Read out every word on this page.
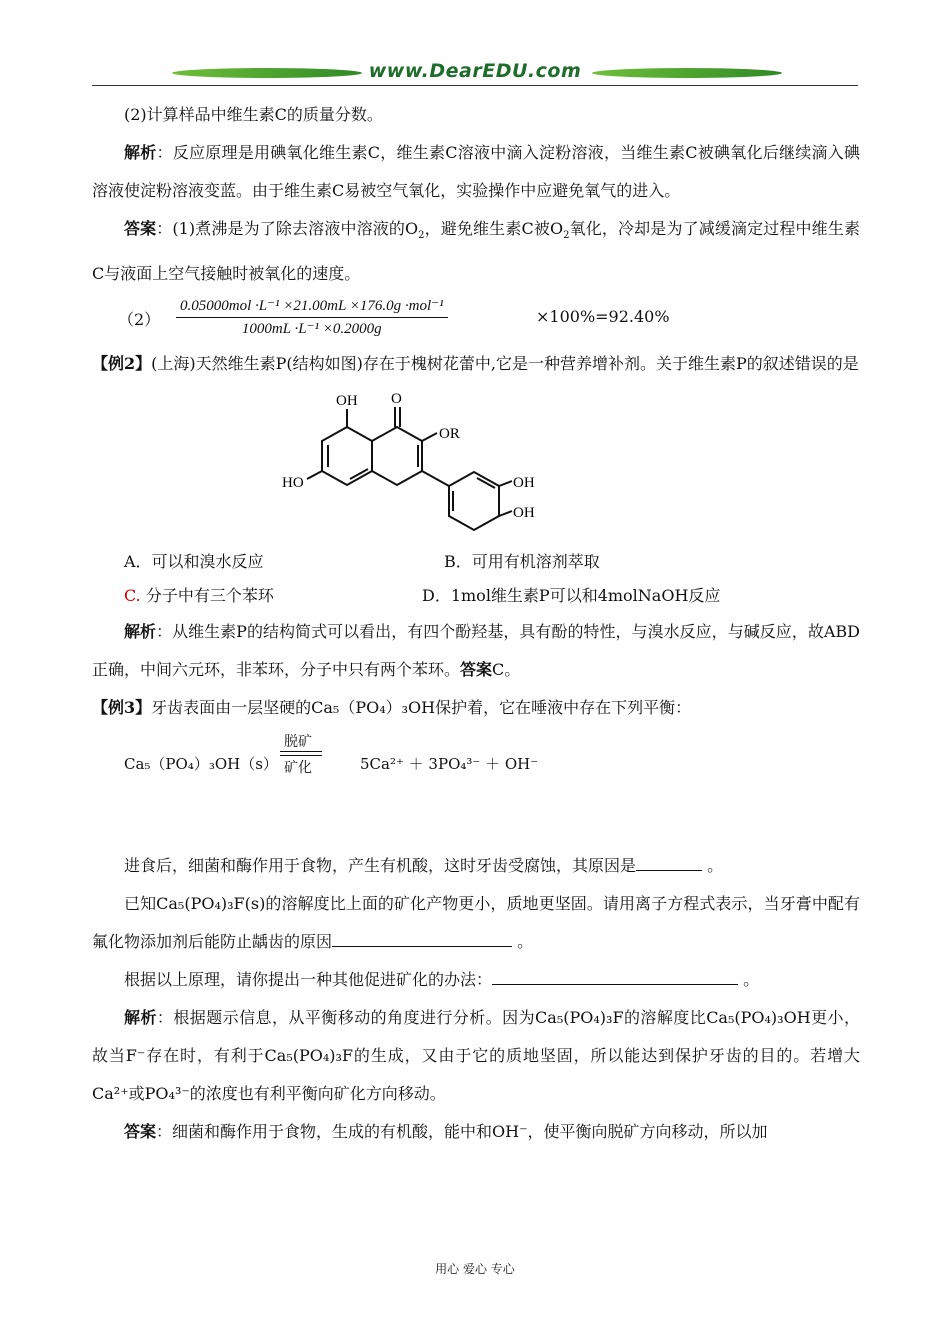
www.DearEDU.com

(2)计算样品中维生素C的质量分数。

解析：反应原理是用碘氧化维生素C，维生素C溶液中滴入淀粉溶液，当维生素C被碘氧化后继续滴入碘溶液使淀粉溶液变蓝。由于维生素C易被空气氧化，实验操作中应避免氧气的进入。

答案：(1)煮沸是为了除去溶液中溶液的$O_2$，避免维生素C被$O_2$氧化，冷却是为了减缓滴定过程中维生素C与液面上空气接触时被氧化的速度。

（2）
0.05000mol ·L⁻¹ ×21.00mL ×176.0g ·mol⁻¹
1000mL ·L⁻¹ ×0.2000g
×100%=92.40%

【例2】(上海)天然维生素P(结构如图)存在于槐树花蕾中,它是一种营养增补剂。关于维生素P的叙述错误的是

OH O
OR
HO	OH
OH
A．可以和溴水反应	B．可用有机溶剂萃取
C. 分子中有三个苯环	D．1mol维生素P可以和4molNaOH反应

解析：从维生素P的结构简式可以看出，有四个酚羟基，具有酚的特性，与溴水反应，与碱反应，故ABD正确，中间六元环，非苯环，分子中只有两个苯环。答案C。

【例3】牙齿表面由一层坚硬的Ca₅（PO₄）₃OH保护着，它在唾液中存在下列平衡：

Ca₅（PO₄）₃OH（s）
脱矿
矿化	5Ca²⁺ ＋ 3PO₄³⁻ ＋ OH⁻

进食后，细菌和酶作用于食物，产生有机酸，这时牙齿受腐蚀，其原因是	。

已知Ca₅(PO₄)₃F(s)的溶解度比上面的矿化产物更小，质地更坚固。请用离子方程式表示，当牙膏中配有氟化物添加剂后能防止龋齿的原因	。

根据以上原理，请你提出一种其他促进矿化的办法：	。

解析：根据题示信息，从平衡移动的角度进行分析。因为Ca₅(PO₄)₃F的溶解度比Ca₅(PO₄)₃OH更小，故当F⁻存在时，有利于Ca₅(PO₄)₃F的生成，又由于它的质地坚固，所以能达到保护牙齿的目的。若增大Ca²⁺或PO₄³⁻的浓度也有利平衡向矿化方向移动。

答案：细菌和酶作用于食物，生成的有机酸，能中和OH⁻，使平衡向脱矿方向移动，所以加

用心 爱心 专心
